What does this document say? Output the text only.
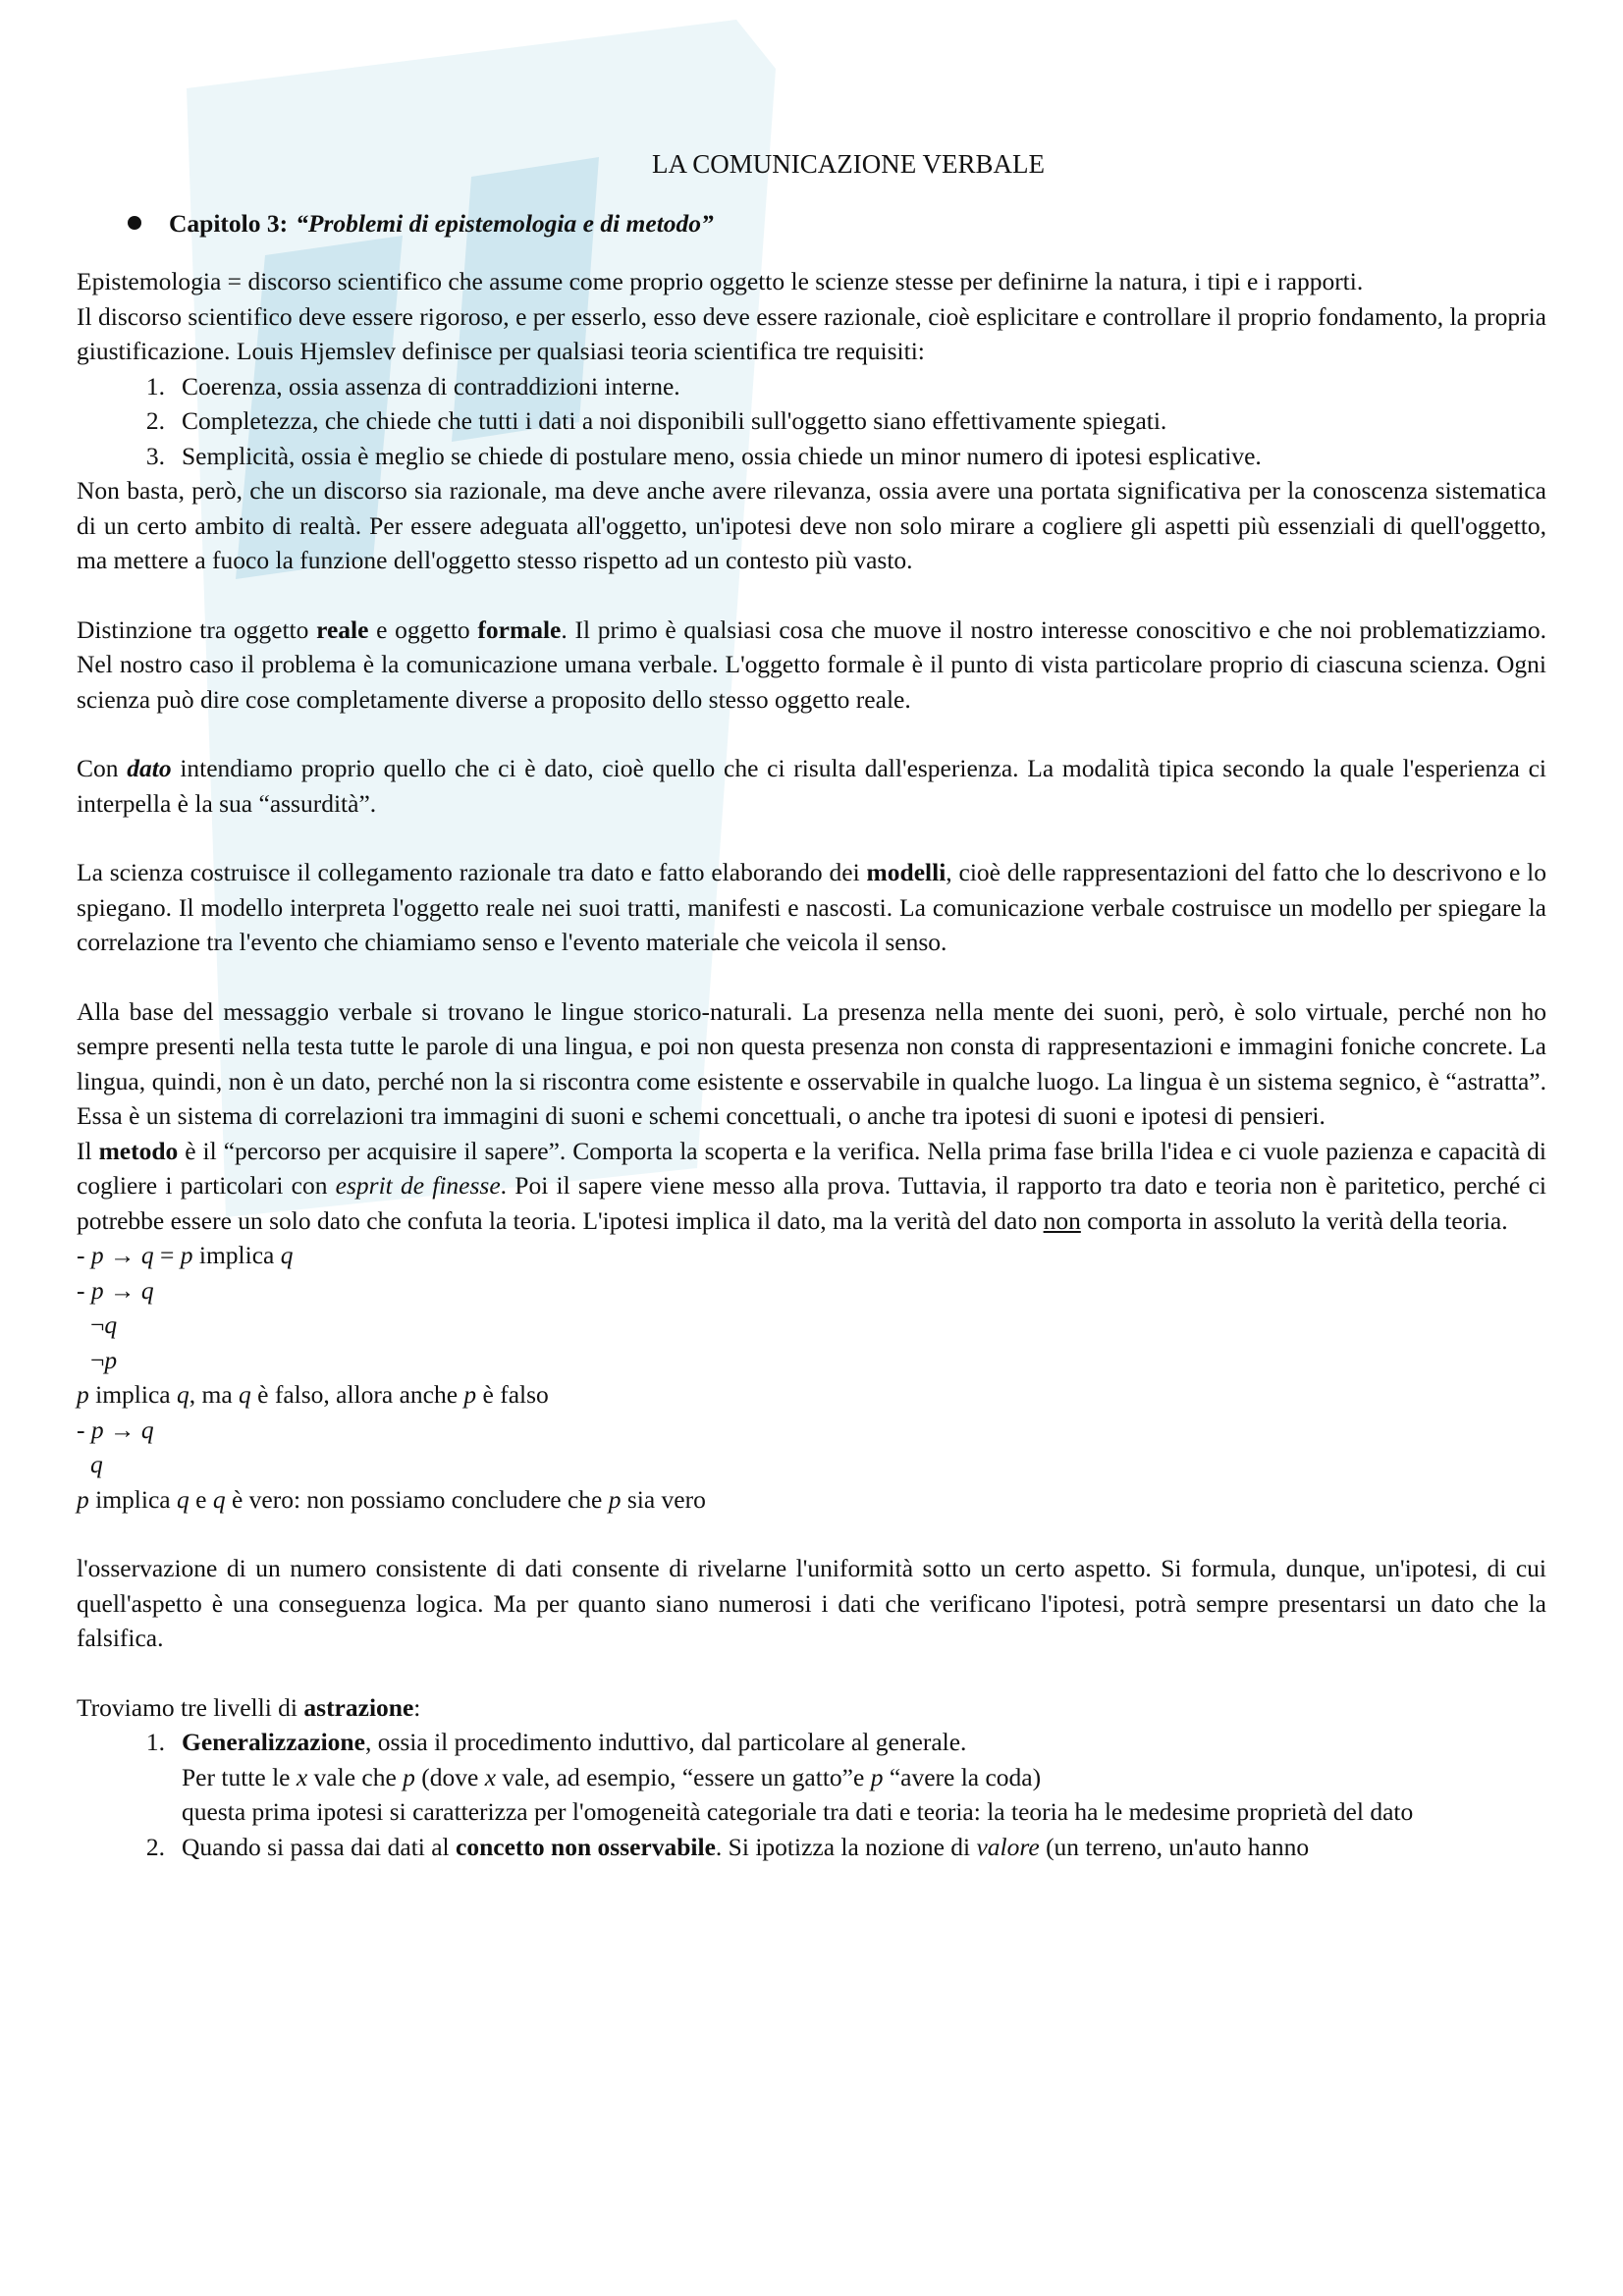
LA COMUNICAZIONE VERBALE
Capitolo 3: “Problemi di epistemologia e di metodo”

Epistemologia = discorso scientifico che assume come proprio oggetto le scienze stesse per definirne la natura, i tipi e i rapporti.

Il discorso scientifico deve essere rigoroso, e per esserlo, esso deve essere razionale, cioè esplicitare e controllare il proprio fondamento, la propria giustificazione. Louis Hjemslev definisce per qualsiasi teoria scientifica tre requisiti:

1. Coerenza, ossia assenza di contraddizioni interne.
2. Completezza, che chiede che tutti i dati a noi disponibili sull'oggetto siano effettivamente spiegati.
3. Semplicità, ossia è meglio se chiede di postulare meno, ossia chiede un minor numero di ipotesi esplicative.

Non basta, però, che un discorso sia razionale, ma deve anche avere rilevanza, ossia avere una portata significativa per la conoscenza sistematica di un certo ambito di realtà. Per essere adeguata all'oggetto, un'ipotesi deve non solo mirare a cogliere gli aspetti più essenziali di quell'oggetto, ma mettere a fuoco la funzione dell'oggetto stesso rispetto ad un contesto più vasto.

Distinzione tra oggetto reale e oggetto formale. Il primo è qualsiasi cosa che muove il nostro interesse conoscitivo e che noi problematizziamo. Nel nostro caso il problema è la comunicazione umana verbale. L'oggetto formale è il punto di vista particolare proprio di ciascuna scienza. Ogni scienza può dire cose completamente diverse a proposito dello stesso oggetto reale.

Con dato intendiamo proprio quello che ci è dato, cioè quello che ci risulta dall'esperienza. La modalità tipica secondo la quale l'esperienza ci interpella è la sua “assurdità”.

La scienza costruisce il collegamento razionale tra dato e fatto elaborando dei modelli, cioè delle rappresentazioni del fatto che lo descrivono e lo spiegano. Il modello interpreta l'oggetto reale nei suoi tratti, manifesti e nascosti. La comunicazione verbale costruisce un modello per spiegare la correlazione tra l'evento che chiamiamo senso e l'evento materiale che veicola il senso.

Alla base del messaggio verbale si trovano le lingue storico-naturali. La presenza nella mente dei suoni, però, è solo virtuale, perché non ho sempre presenti nella testa tutte le parole di una lingua, e poi non questa presenza non consta di rappresentazioni e immagini foniche concrete. La lingua, quindi, non è un dato, perché non la si riscontra come esistente e osservabile in qualche luogo. La lingua è un sistema segnico, è “astratta”. Essa è un sistema di correlazioni tra immagini di suoni e schemi concettuali, o anche tra ipotesi di suoni e ipotesi di pensieri.

Il metodo è il “percorso per acquisire il sapere”. Comporta la scoperta e la verifica. Nella prima fase brilla l'idea e ci vuole pazienza e capacità di cogliere i particolari con esprit de finesse. Poi il sapere viene messo alla prova. Tuttavia, il rapporto tra dato e teoria non è paritetico, perché ci potrebbe essere un solo dato che confuta la teoria. L'ipotesi implica il dato, ma la verità del dato non comporta in assoluto la verità della teoria.

- p → q = p implica q
- p → q
¬q
¬p
p implica q, ma q è falso, allora anche p è falso
- p → q
q
p implica q e q è vero: non possiamo concludere che p sia vero

l'osservazione di un numero consistente di dati consente di rivelarne l'uniformità sotto un certo aspetto. Si formula, dunque, un'ipotesi, di cui quell'aspetto è una conseguenza logica. Ma per quanto siano numerosi i dati che verificano l'ipotesi, potrà sempre presentarsi un dato che la falsifica.

Troviamo tre livelli di astrazione:

1. Generalizzazione, ossia il procedimento induttivo, dal particolare al generale.
Per tutte le x vale che p (dove x vale, ad esempio, “essere un gatto”e p “avere la coda)
questa prima ipotesi si caratterizza per l'omogeneità categoriale tra dati e teoria: la teoria ha le medesime proprietà del dato
2. Quando si passa dai dati al concetto non osservabile. Si ipotizza la nozione di valore (un terreno, un'auto hanno
